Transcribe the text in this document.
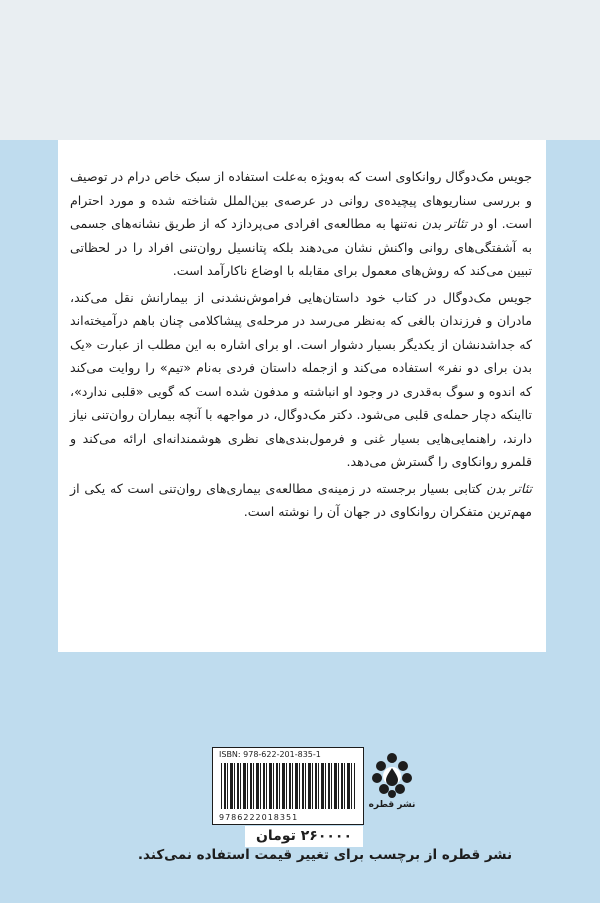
جویس مک‌دوگال روانکاوی است که به‌ویژه به‌علت استفاده از سبک خاص درام در توصیف و بررسی سناریوهای پیچیده‌ی روانی در عرصه‌ی بین‌الملل شناخته شده و مورد احترام است. او در تئاتر بدن نه‌تنها به مطالعه‌ی افرادی می‌پردازد که از طریق نشانه‌های جسمی به آشفتگی‌های روانی واکنش نشان می‌دهند بلکه پتانسیل روان‌تنی افراد را در لحظاتی تبیین می‌کند که روش‌های معمول برای مقابله با اوضاع ناکارآمد است.

جویس مک‌دوگال در کتاب خود داستان‌هایی فراموش‌نشدنی از بیمارانش نقل می‌کند، مادران و فرزندان بالغی که به‌نظر می‌رسد در مرحله‌ی پیشاکلامی چنان باهم درآمیخته‌اند که جداشدنشان از یکدیگر بسیار دشوار است. او برای اشاره به این مطلب از عبارت «یک بدن برای دو نفر» استفاده می‌کند و ازجمله داستان فردی به‌نام «تیم» را روایت می‌کند که اندوه و سوگ به‌قدری در وجود او انباشته و مدفون شده است که گویی «قلبی ندارد»، تااینکه دچار حمله‌ی قلبی می‌شود. دکتر مک‌دوگال، در مواجهه با آنچه بیماران روان‌تنی نیاز دارند، راهنمایی‌هایی بسیار غنی و فرمول‌بندی‌های نظری هوشمندانه‌ای ارائه می‌کند و قلمرو روانکاوی را گسترش می‌دهد.

تئاتر بدن کتابی بسیار برجسته در زمینه‌ی مطالعه‌ی بیماری‌های روان‌تنی است که یکی از مهم‌ترین متفکران روانکاوی در جهان آن را نوشته است.

ISBN: 978-622-201-835-1
9786222018351
نشر قطره
۲۶۰۰۰۰ تومان
نشر قطره از برچسب برای تغییر قیمت استفاده نمی‌کند.
